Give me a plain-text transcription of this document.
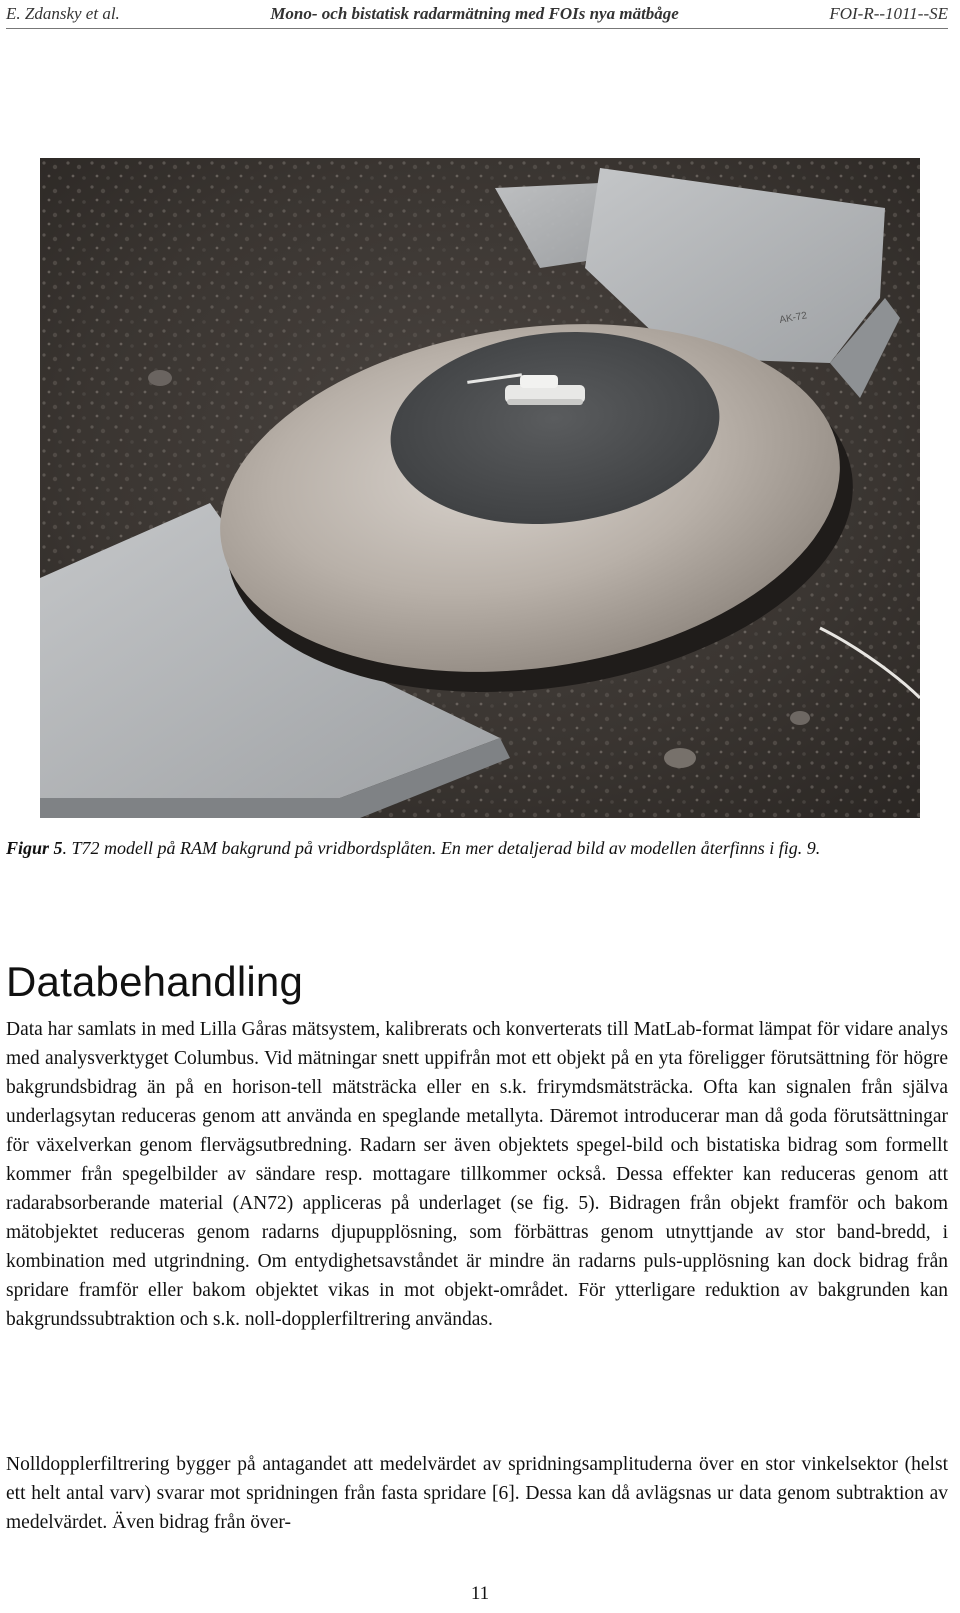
E. Zdansky et al.	Mono- och bistatisk radarmätning med FOIs nya mätbåge	FOI-R--1011--SE
AK-72
Figur 5. T72 modell på RAM bakgrund på vridbordsplåten. En mer detaljerad bild av modellen återfinns i fig. 9.
Databehandling

Data har samlats in med Lilla Gåras mätsystem, kalibrerats och konverterats till MatLab-format lämpat för vidare analys med analysverktyget Columbus. Vid mätningar snett uppifrån mot ett objekt på en yta föreligger förutsättning för högre bakgrundsbidrag än på en horison-tell mätsträcka eller en s.k. frirymdsmätsträcka. Ofta kan signalen från själva underlagsytan reduceras genom att använda en speglande metallyta. Däremot introducerar man då goda förutsättningar för växelverkan genom flervägsutbredning. Radarn ser även objektets spegel-bild och bistatiska bidrag som formellt kommer från spegelbilder av sändare resp. mottagare tillkommer också. Dessa effekter kan reduceras genom att radarabsorberande material (AN72) appliceras på underlaget (se fig. 5). Bidragen från objekt framför och bakom mätobjektet reduceras genom radarns djupupplösning, som förbättras genom utnyttjande av stor band-bredd, i kombination med utgrindning. Om entydighetsavståndet är mindre än radarns puls-upplösning kan dock bidrag från spridare framför eller bakom objektet vikas in mot objekt-området. För ytterligare reduktion av bakgrunden kan bakgrundssubtraktion och s.k. noll-dopplerfiltrering användas.

Nolldopplerfiltrering bygger på antagandet att medelvärdet av spridningsamplituderna över en stor vinkelsektor (helst ett helt antal varv) svarar mot spridningen från fasta spridare [6]. Dessa kan då avlägsnas ur data genom subtraktion av medelvärdet. Även bidrag från över-

11
